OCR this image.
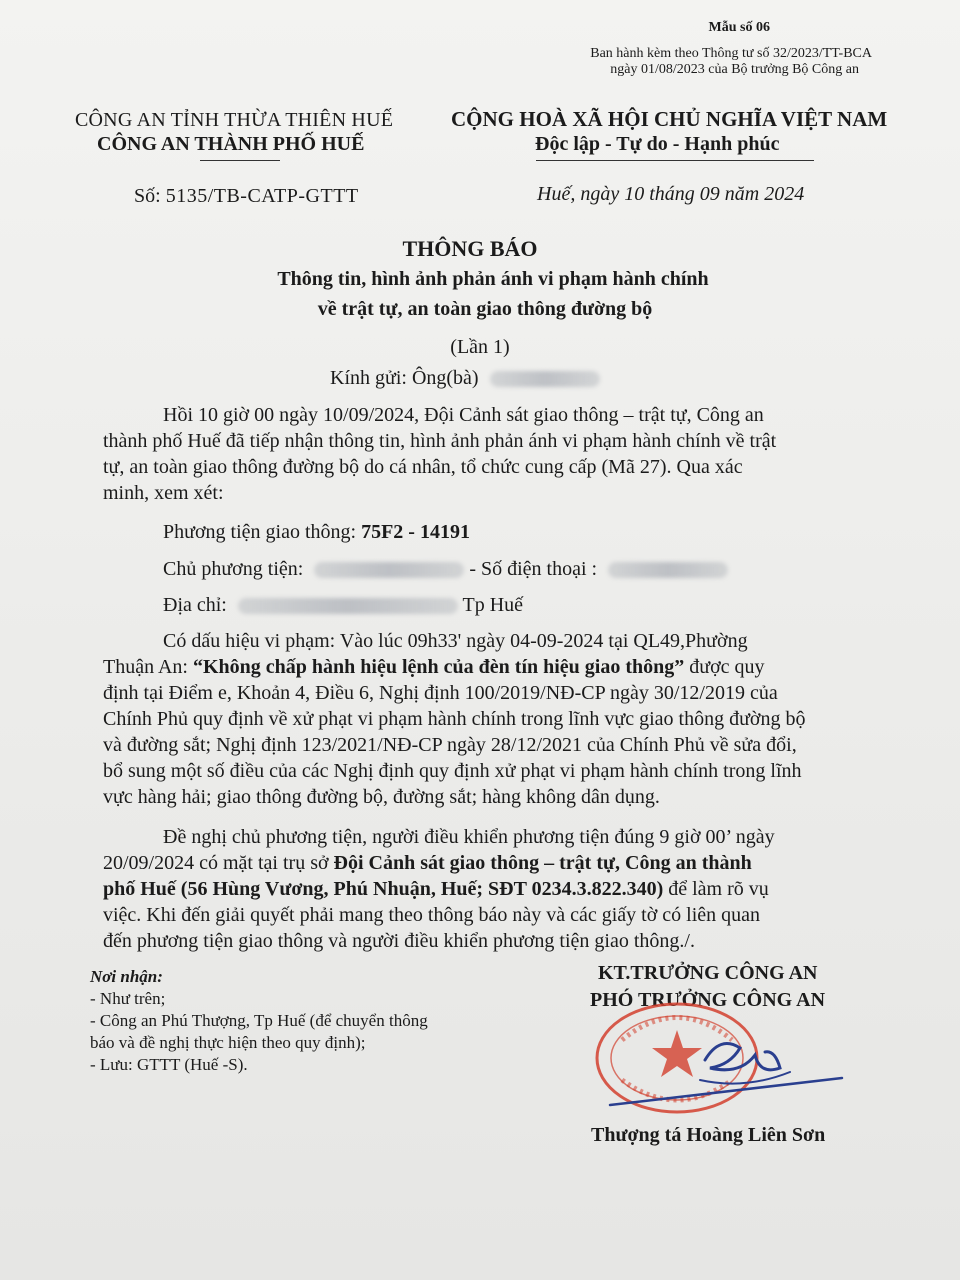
Mẫu số 06
Ban hành kèm theo Thông tư số 32/2023/TT-BCA
ngày 01/08/2023 của Bộ trưởng Bộ Công an
CÔNG AN TỈNH THỪA THIÊN HUẾ
CÔNG AN THÀNH PHỐ HUẾ
CỘNG HOÀ XÃ HỘI CHỦ NGHĨA VIỆT NAM
Độc lập - Tự do - Hạnh phúc
Số: 5135/TB-CATP-GTTT	Huế, ngày 10 tháng 09 năm 2024
THÔNG BÁO
Thông tin, hình ảnh phản ánh vi phạm hành chính
về trật tự, an toàn giao thông đường bộ
(Lần 1)
Kính gửi: Ông(bà)
Hồi 10 giờ 00 ngày 10/09/2024, Đội Cảnh sát giao thông – trật tự, Công an
thành phố Huế đã tiếp nhận thông tin, hình ảnh phản ánh vi phạm hành chính về trật
tự, an toàn giao thông đường bộ do cá nhân, tổ chức cung cấp (Mã 27). Qua xác
minh, xem xét:
Phương tiện giao thông: 75F2 - 14191
Chủ phương tiện:	- Số điện thoại :
Địa chỉ:	Tp Huế
Có dấu hiệu vi phạm: Vào lúc 09h33' ngày 04-09-2024 tại QL49,Phường
Thuận An: “Không chấp hành hiệu lệnh của đèn tín hiệu giao thông” được quy
định tại Điểm e, Khoản 4, Điều 6, Nghị định 100/2019/NĐ-CP ngày 30/12/2019 của
Chính Phủ quy định về xử phạt vi phạm hành chính trong lĩnh vực giao thông đường bộ
và đường sắt; Nghị định 123/2021/NĐ-CP ngày 28/12/2021 của Chính Phủ về sửa đổi,
bổ sung một số điều của các Nghị định quy định xử phạt vi phạm hành chính trong lĩnh
vực hàng hải; giao thông đường bộ, đường sắt; hàng không dân dụng.
Đề nghị chủ phương tiện, người điều khiển phương tiện đúng 9 giờ 00’ ngày
20/09/2024 có mặt tại trụ sở Đội Cảnh sát giao thông – trật tự, Công an thành
phố Huế (56 Hùng Vương, Phú Nhuận, Huế; SĐT 0234.3.822.340) để làm rõ vụ
việc. Khi đến giải quyết phải mang theo thông báo này và các giấy tờ có liên quan
đến phương tiện giao thông và người điều khiển phương tiện giao thông./.
Nơi nhận:
- Như trên;
- Công an Phú Thượng, Tp Huế (để chuyển thông
báo và đề nghị thực hiện theo quy định);
- Lưu: GTTT (Huế -S).
KT.TRƯỞNG CÔNG AN
PHÓ TRƯỞNG CÔNG AN
Thượng tá Hoàng Liên Sơn
